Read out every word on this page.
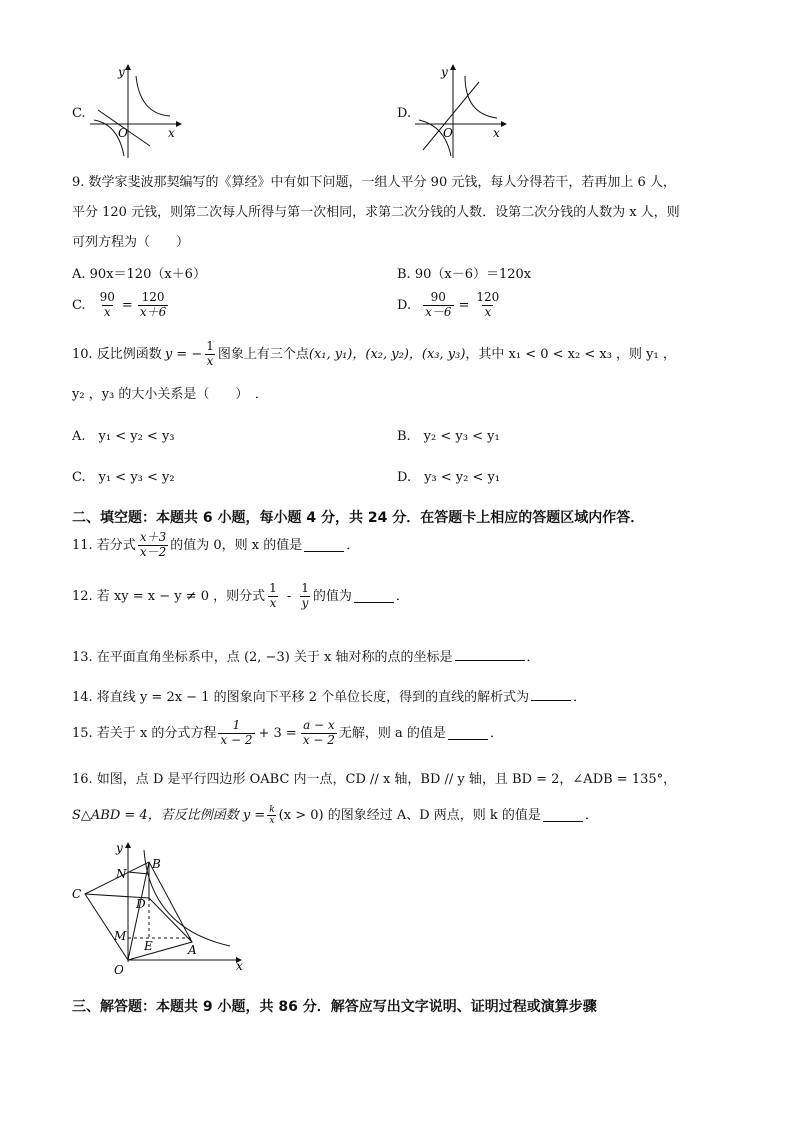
C.
y
x
O
D.
y
x
O
9. 数学家斐波那契编写的《算经》中有如下问题，一组人平分 90 元钱，每人分得若干，若再加上 6 人，
平分 120 元钱，则第二次每人所得与第一次相同，求第二次分钱的人数．设第二次分钱的人数为 x 人，则
可列方程为（　　）
A. 90x＝120（x＋6）	B. 90（x－6）＝120x
C. $\frac{90}{x} = \frac{120}{x+6}$	D. $\frac{90}{x-6} = \frac{120}{x}$
10. 反比例函数 y = − $\frac{1}{x}$ 图象上有三个点 (x₁, y₁)，(x₂, y₂)，(x₃, y₃) ，其中 x₁ < 0 < x₂ < x₃ ，则 y₁ ，
y₂ ，y₃ 的大小关系是（　　）　．
A.　y₁ < y₂ < y₃	B.　y₂ < y₃ < y₁
C.　y₁ < y₃ < y₂	D.　y₃ < y₂ < y₁
二、填空题：本题共 6 小题，每小题 4 分，共 24 分．在答题卡上相应的答题区域内作答．
11. 若分式 $\frac{x+3}{x-2}$ 的值为 0，则 x 的值是	．
12. 若 xy = x − y ≠ 0 ，则分式 $\frac{1}{x} - \frac{1}{y}$ 的值为	．
13. 在平面直角坐标系中，点 (2, −3) 关于 x 轴对称的点的坐标是	．
14. 将直线 y = 2x − 1 的图象向下平移 2 个单位长度，得到的直线的解析式为	．
15. 若关于 x 的分式方程 $\frac{1}{x - 2} + 3 = \frac{a - x}{x - 2}$ 无解，则 a 的值是	．
16. 如图，点 D 是平行四边形 OABC 内一点，CD // x 轴，BD // y 轴，且 BD = 2，∠ADB = 135°，
S△ABD = 4，若反比例函数 $y = \frac{k}{x} (x > 0)$ 的图象经过 A、D 两点，则 k 的值是	．
y
B
N
C
D
M
E	A
O	x
三、解答题：本题共 9 小题，共 86 分．解答应写出文字说明、证明过程或演算步骤
